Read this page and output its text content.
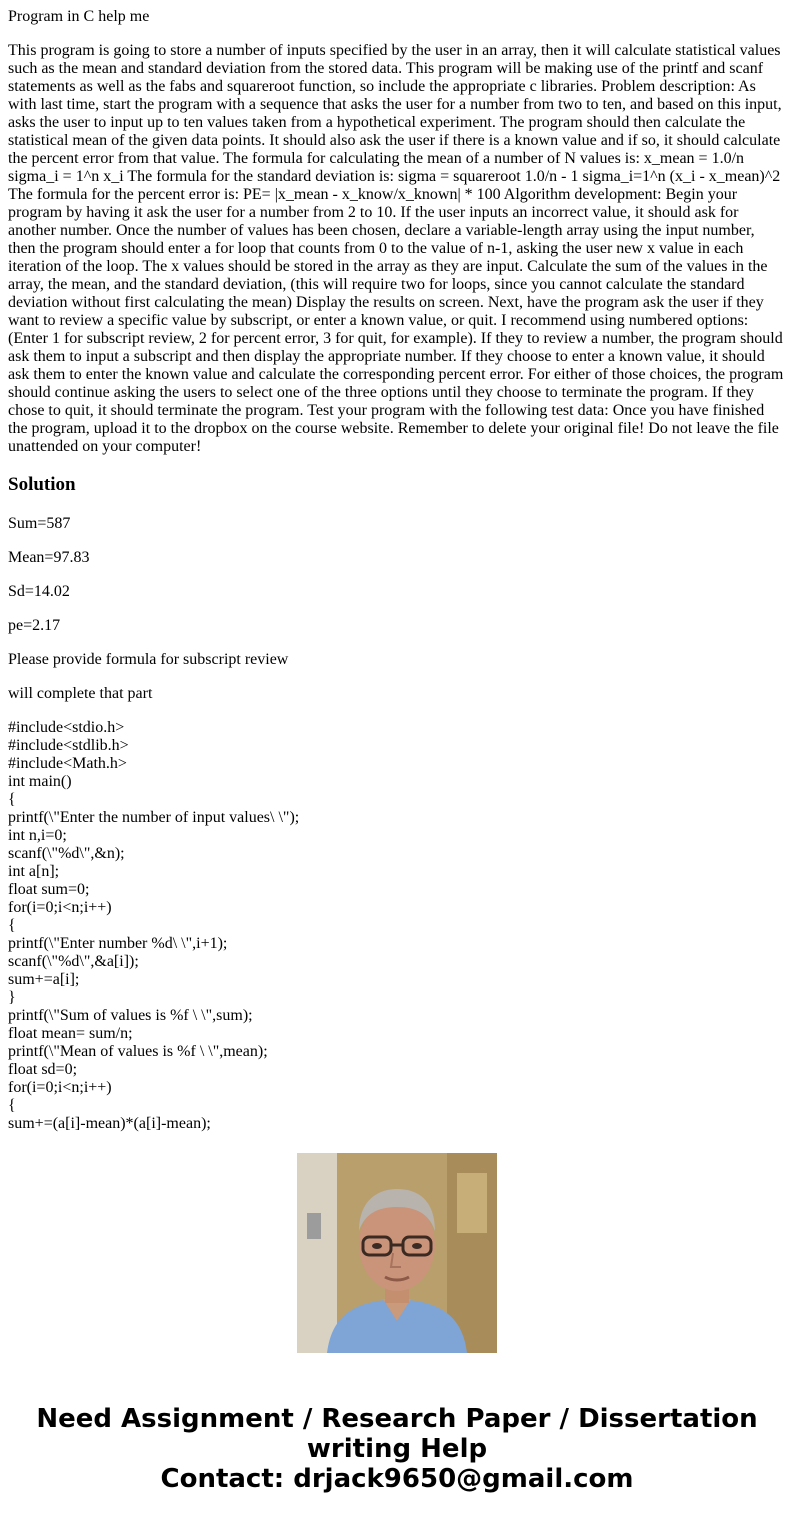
Program in C help me

This program is going to store a number of inputs specified by the user in an array, then it will calculate statistical values such as the mean and standard deviation from the stored data. This program will be making use of the printf and scanf statements as well as the fabs and squareroot function, so include the appropriate c libraries. Problem description: As with last time, start the program with a sequence that asks the user for a number from two to ten, and based on this input, asks the user to input up to ten values taken from a hypothetical experiment. The program should then calculate the statistical mean of the given data points. It should also ask the user if there is a known value and if so, it should calculate the percent error from that value. The formula for calculating the mean of a number of N values is: x_mean = 1.0/n sigma_i = 1^n x_i The formula for the standard deviation is: sigma = squareroot 1.0/n - 1 sigma_i=1^n (x_i - x_mean)^2 The formula for the percent error is: PE= |x_mean - x_know/x_known| * 100 Algorithm development: Begin your program by having it ask the user for a number from 2 to 10. If the user inputs an incorrect value, it should ask for another number. Once the number of values has been chosen, declare a variable-length array using the input number, then the program should enter a for loop that counts from 0 to the value of n-1, asking the user new x value in each iteration of the loop. The x values should be stored in the array as they are input. Calculate the sum of the values in the array, the mean, and the standard deviation, (this will require two for loops, since you cannot calculate the standard deviation without first calculating the mean) Display the results on screen. Next, have the program ask the user if they want to review a specific value by subscript, or enter a known value, or quit. I recommend using numbered options: (Enter 1 for subscript review, 2 for percent error, 3 for quit, for example). If they to review a number, the program should ask them to input a subscript and then display the appropriate number. If they choose to enter a known value, it should ask them to enter the known value and calculate the corresponding percent error. For either of those choices, the program should continue asking the users to select one of the three options until they choose to terminate the program. If they chose to quit, it should terminate the program. Test your program with the following test data: Once you have finished the program, upload it to the dropbox on the course website. Remember to delete your original file! Do not leave the file unattended on your computer!

Solution

Sum=587

Mean=97.83

Sd=14.02

pe=2.17

Please provide formula for subscript review

will complete that part

#include<stdio.h>
#include<stdlib.h>
#include<Math.h>
int main()
{
printf(\"Enter the number of input values\ \");
int n,i=0;
scanf(\"%d\",&n);
int a[n];
float sum=0;
for(i=0;i<n;i++)
{
printf(\"Enter number %d\ \",i+1);
scanf(\"%d\",&a[i]);
sum+=a[i];
}
printf(\"Sum of values is %f \ \",sum);
float mean= sum/n;
printf(\"Mean of values is %f \ \",mean);
float sd=0;
for(i=0;i<n;i++)
{
sum+=(a[i]-mean)*(a[i]-mean);
Need Assignment / Research Paper / Dissertation
writing Help
Contact: drjack9650@gmail.com
